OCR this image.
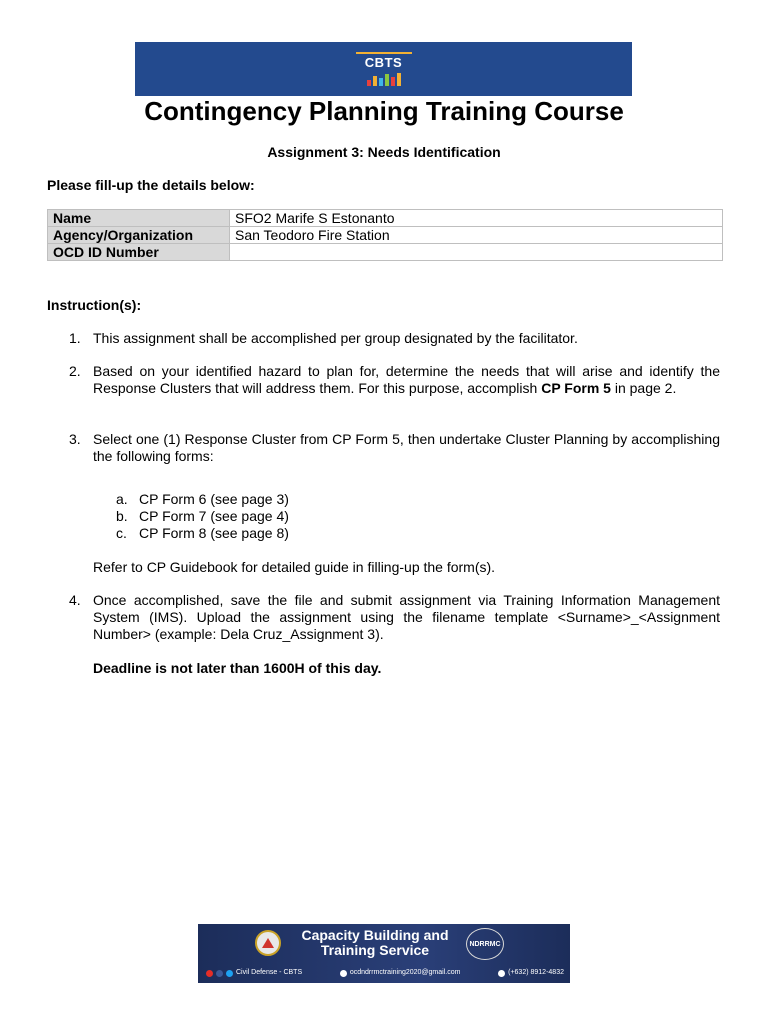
CBTS
Contingency Planning Training Course
Assignment 3: Needs Identification
Please fill-up the details below:
Name	SFO2 Marife S Estonanto
Agency/Organization	San Teodoro Fire Station
OCD ID Number	
Instruction(s):
1. This assignment shall be accomplished per group designated by the facilitator.
2. Based on your identified hazard to plan for, determine the needs that will arise and identify the Response Clusters that will address them. For this purpose, accomplish CP Form 5 in page 2.
3. Select one (1) Response Cluster from CP Form 5, then undertake Cluster Planning by accomplishing the following forms:
a. CP Form 6 (see page 3)
b. CP Form 7 (see page 4)
c. CP Form 8 (see page 8)
Refer to CP Guidebook for detailed guide in filling-up the form(s).
4. Once accomplished, save the file and submit assignment via Training Information Management System (IMS). Upload the assignment using the filename template <Surname>_<Assignment Number> (example: Dela Cruz_Assignment 3).
Deadline is not later than 1600H of this day.
Capacity Building and
Training Service	NDRRMC
Civil Defense - CBTS	ocdndrrmctraining2020@gmail.com	(+632) 8912-4832
